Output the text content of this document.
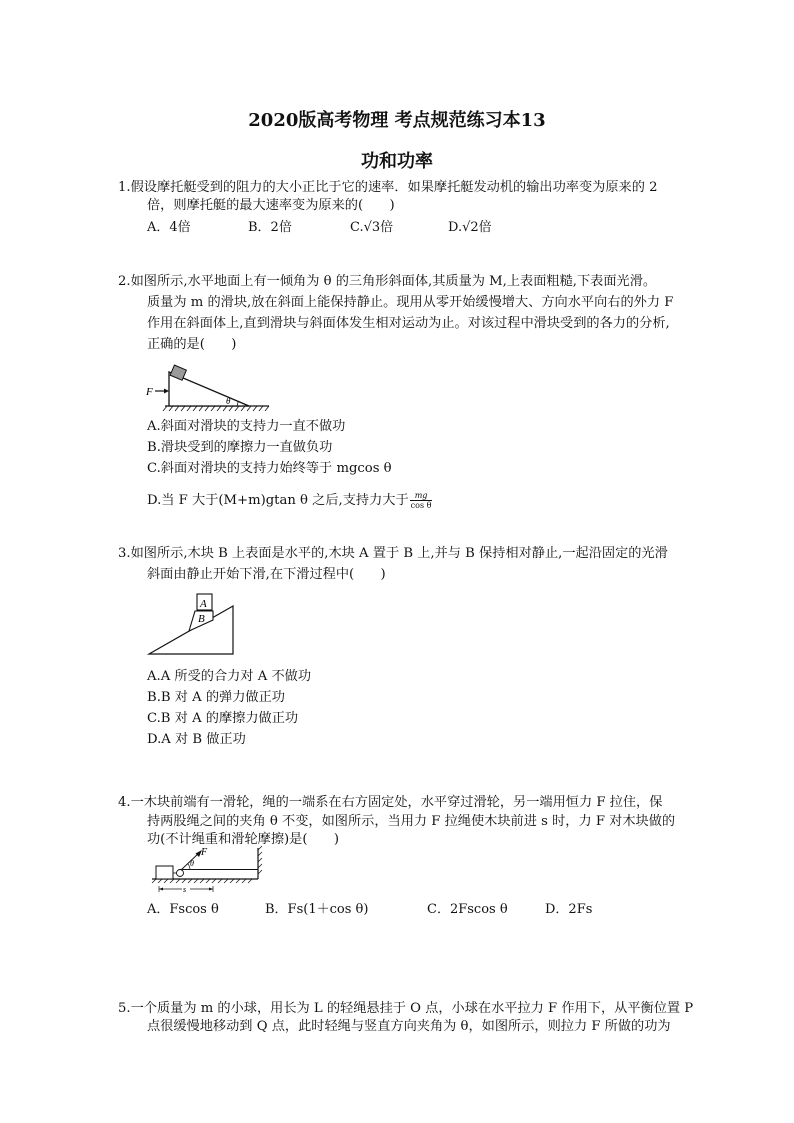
2020版高考物理 考点规范练习本13
功和功率
1.假设摩托艇受到的阻力的大小正比于它的速率．如果摩托艇发动机的输出功率变为原来的 2
倍，则摩托艇的最大速率变为原来的(　　)
A．4倍	B．2倍	C.√3倍	D.√2倍
2.如图所示,水平地面上有一倾角为 θ 的三角形斜面体,其质量为 M,上表面粗糙,下表面光滑。
质量为 m 的滑块,放在斜面上能保持静止。现用从零开始缓慢增大、方向水平向右的外力 F
作用在斜面体上,直到滑块与斜面体发生相对运动为止。对该过程中滑块受到的各力的分析,
正确的是(　　)
F
θ
A.斜面对滑块的支持力一直不做功
B.滑块受到的摩擦力一直做负功
C.斜面对滑块的支持力始终等于 mgcos θ
D.当 F 大于(M+m)gtan θ 之后,支持力大于 $\frac{mg}{\text{cos θ}}$
3.如图所示,木块 B 上表面是水平的,木块 A 置于 B 上,并与 B 保持相对静止,一起沿固定的光滑
斜面由静止开始下滑,在下滑过程中(　　)
A
B
A.A 所受的合力对 A 不做功
B.B 对 A 的弹力做正功
C.B 对 A 的摩擦力做正功
D.A 对 B 做正功
4.一木块前端有一滑轮，绳的一端系在右方固定处，水平穿过滑轮，另一端用恒力 F 拉住，保
持两股绳之间的夹角 θ 不变，如图所示，当用力 F 拉绳使木块前进 s 时，力 F 对木块做的
功(不计绳重和滑轮摩擦)是(　　)
F
θ
s
A．Fscos θ	B．Fs(1＋cos θ)	C．2Fscos θ	D．2Fs
5.一个质量为 m 的小球，用长为 L 的轻绳悬挂于 O 点，小球在水平拉力 F 作用下，从平衡位置 P
点很缓慢地移动到 Q 点，此时轻绳与竖直方向夹角为 θ，如图所示，则拉力 F 所做的功为
